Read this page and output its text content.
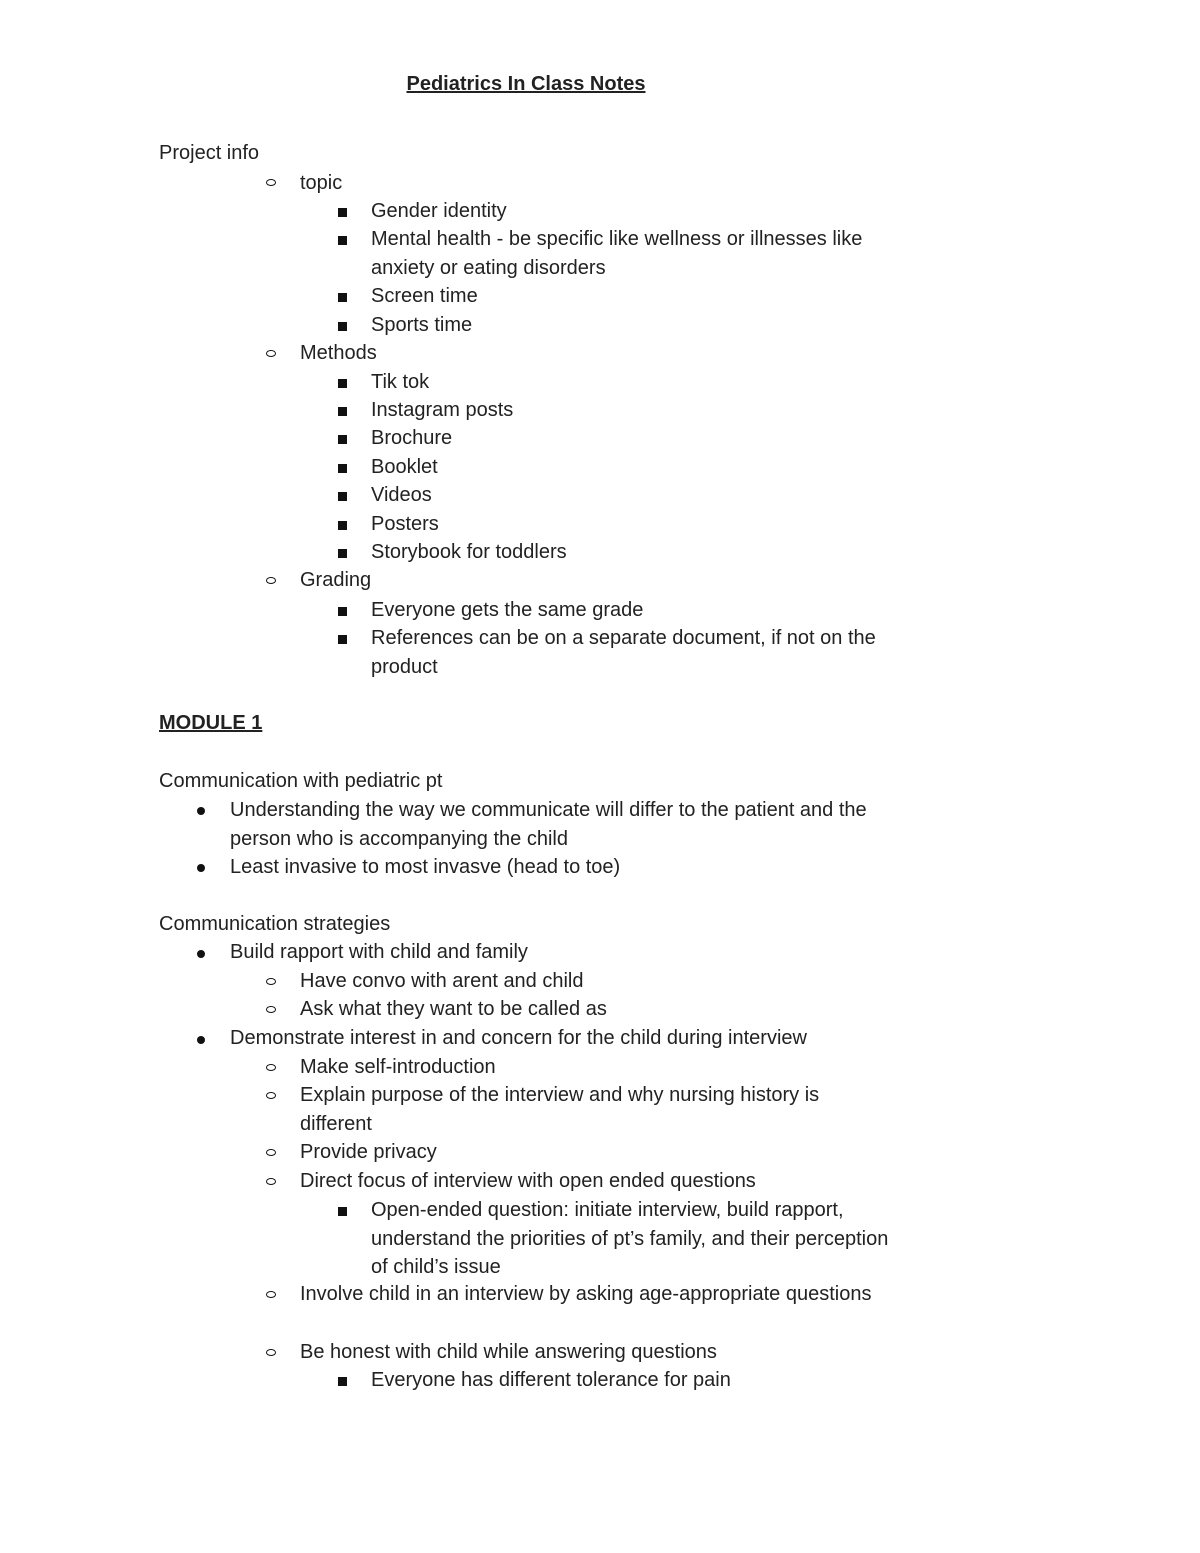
Pediatrics In Class Notes
Project info
topic
Gender identity
Mental health - be specific like wellness or illnesses like anxiety or eating disorders
Screen time
Sports time
Methods
Tik tok
Instagram posts
Brochure
Booklet
Videos
Posters
Storybook for toddlers
Grading
Everyone gets the same grade
References can be on a separate document, if not on the product
MODULE 1
Communication with pediatric pt
Understanding the way we communicate will differ to the patient and the person who is accompanying the child
Least invasive to most invasve (head to toe)
Communication strategies
Build rapport with child and family
Have convo with arent and child
Ask what they want to be called as
Demonstrate interest in and concern for the child during interview
Make self-introduction
Explain purpose of the interview and why nursing history is different
Provide privacy
Direct focus of interview with open ended questions
Open-ended question: initiate interview, build rapport, understand the priorities of pt’s family, and their perception of child’s issue
Involve child in an interview by asking age-appropriate questions
Be honest with child while answering questions
Everyone has different tolerance for pain
